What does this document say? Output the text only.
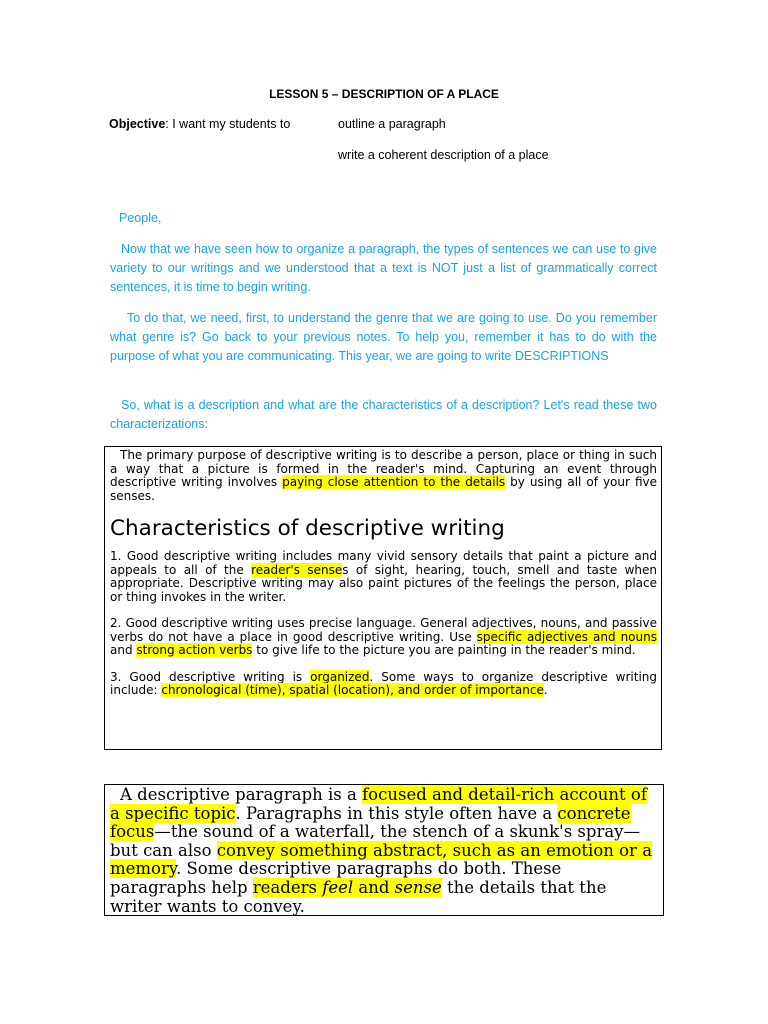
LESSON 5 – DESCRIPTION OF A PLACE
Objective: I want my students to	outline a paragraph
write a coherent description of a place

People,

Now that we have seen how to organize a paragraph, the types of sentences we can use to give variety to our writings and we understood that a text is NOT just a list of grammatically correct sentences, it is time to begin writing.

To do that, we need, first, to understand the genre that we are going to use. Do you remember what genre is? Go back to your previous notes. To help you, remember it has to do with the purpose of what you are communicating. This year, we are going to write DESCRIPTIONS

So, what is a description and what are the characteristics of a description? Let's read these two characterizations:

The primary purpose of descriptive writing is to describe a person, place or thing in such a way that a picture is formed in the reader's mind. Capturing an event through descriptive writing involves paying close attention to the details by using all of your five senses.

Characteristics of descriptive writing

1. Good descriptive writing includes many vivid sensory details that paint a picture and appeals to all of the reader's senses of sight, hearing, touch, smell and taste when appropriate. Descriptive writing may also paint pictures of the feelings the person, place or thing invokes in the writer.

2. Good descriptive writing uses precise language. General adjectives, nouns, and passive verbs do not have a place in good descriptive writing. Use specific adjectives and nouns and strong action verbs to give life to the picture you are painting in the reader's mind.

3. Good descriptive writing is organized. Some ways to organize descriptive writing include: chronological (time), spatial (location), and order of importance.

A descriptive paragraph is a focused and detail-rich account of a specific topic. Paragraphs in this style often have a concrete focus—the sound of a waterfall, the stench of a skunk's spray—but can also convey something abstract, such as an emotion or a memory. Some descriptive paragraphs do both. These paragraphs help readers feel and sense the details that the writer wants to convey.
